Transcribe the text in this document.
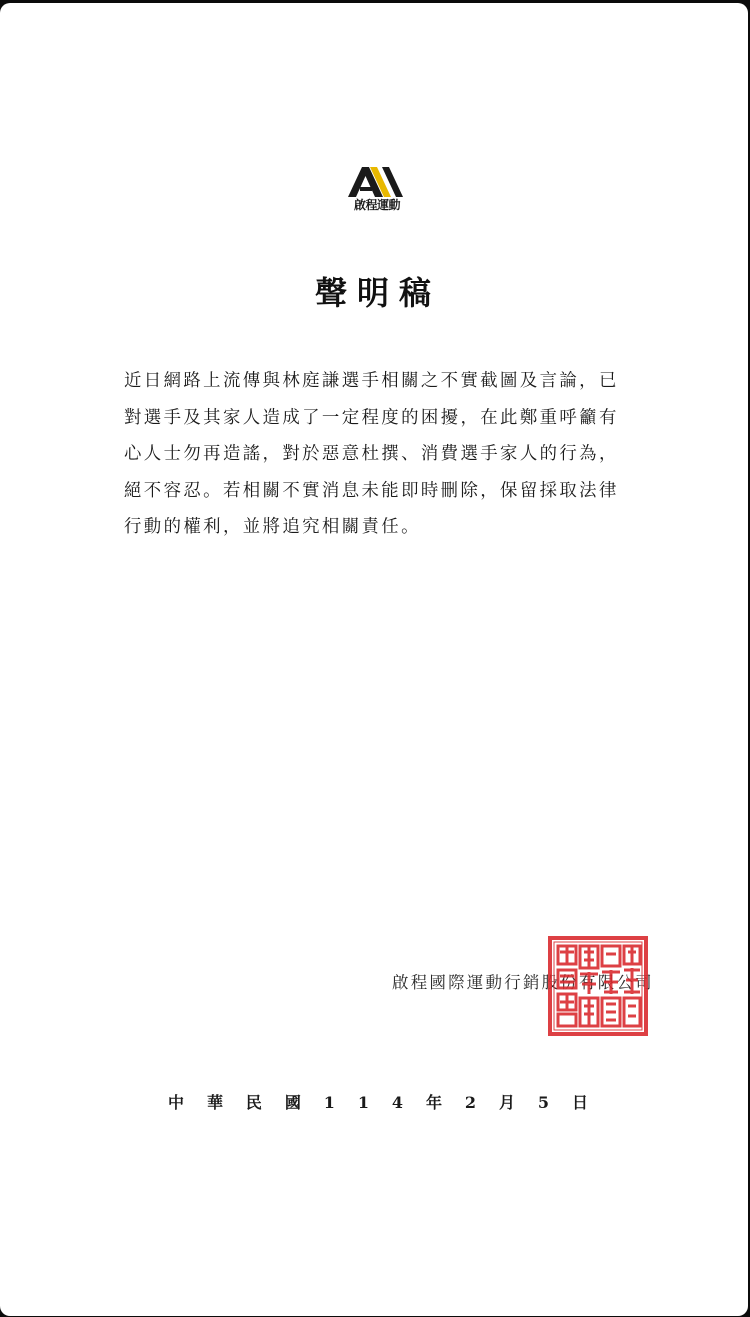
啟程運動
聲明稿
近日網路上流傳與林庭謙選手相關之不實截圖及言論，已對選手及其家人造成了一定程度的困擾，在此鄭重呼籲有心人士勿再造謠，對於惡意杜撰、消費選手家人的行為，絕不容忍。若相關不實消息未能即時刪除，保留採取法律行動的權利，並將追究相關責任。
啟程國際運動行銷股份有限公司
中 華 民 國 1 1 4 年 2 月 5 日
